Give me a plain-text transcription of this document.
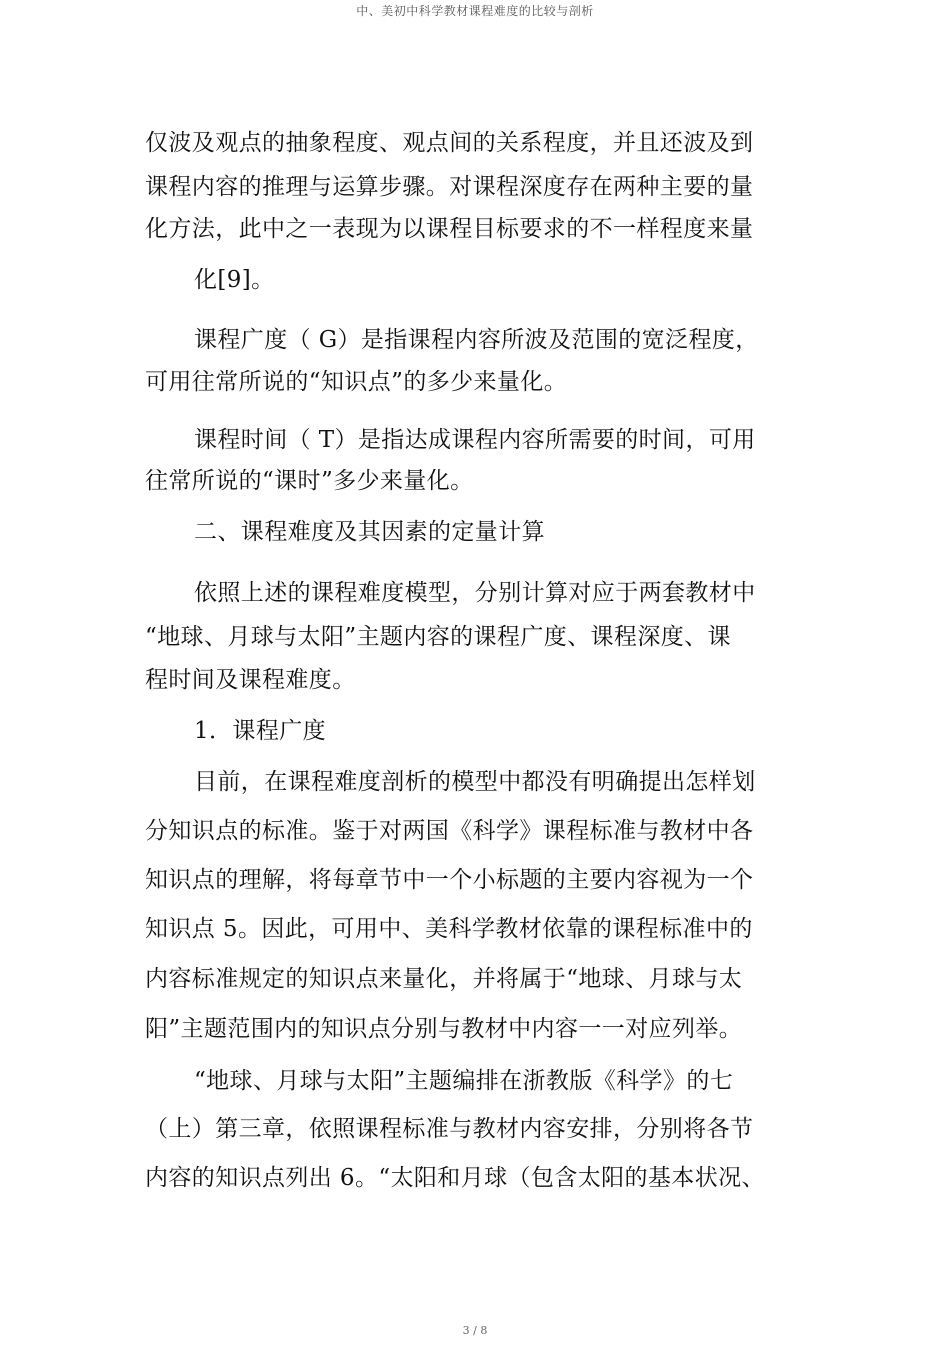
中、美初中科学教材课程难度的比较与剖析
仅波及观点的抽象程度、观点间的关系程度，并且还波及到
课程内容的推理与运算步骤。对课程深度存在两种主要的量
化方法，此中之一表现为以课程目标要求的不一样程度来量
化[9]。
课程广度（ G）是指课程内容所波及范围的宽泛程度，
可用往常所说的“知识点”的多少来量化。
课程时间（ T）是指达成课程内容所需要的时间，可用
往常所说的“课时”多少来量化。
二、课程难度及其因素的定量计算
依照上述的课程难度模型，分别计算对应于两套教材中
“地球、月球与太阳”主题内容的课程广度、课程深度、课
程时间及课程难度。
1．课程广度
目前，在课程难度剖析的模型中都没有明确提出怎样划
分知识点的标准。鉴于对两国《科学》课程标准与教材中各
知识点的理解，将每章节中一个小标题的主要内容视为一个
知识点 5。因此，可用中、美科学教材依靠的课程标准中的
内容标准规定的知识点来量化，并将属于“地球、月球与太
阳”主题范围内的知识点分别与教材中内容一一对应列举。
“地球、月球与太阳”主题编排在浙教版《科学》的七
（上）第三章，依照课程标准与教材内容安排，分别将各节
内容的知识点列出 6。“太阳和月球（包含太阳的基本状况、
3 / 8
